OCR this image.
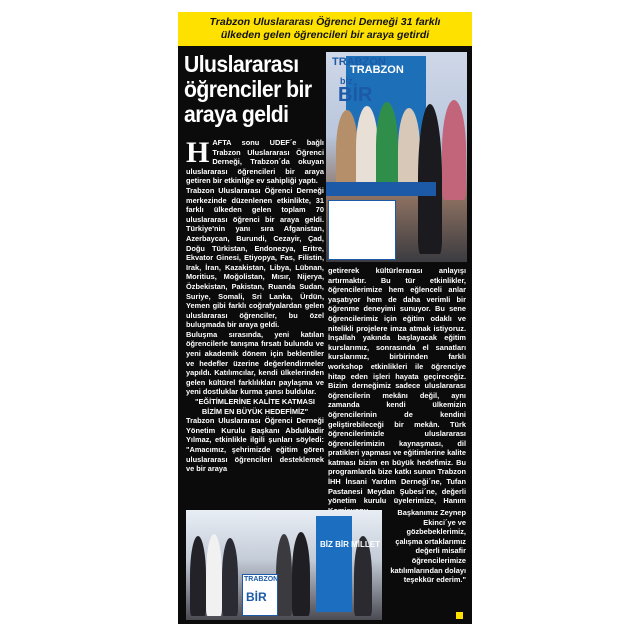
Trabzon Uluslararası Öğrenci Derneği 31 farklı
ülkeden gelen öğrencileri bir araya getirdi
Uluslararası
öğrenciler bir
araya geldi
TRABZON
TRABZON
biz
BİR
H AFTA sonu UDEF´e bağlı Trabzon Uluslararası Öğrenci Derneği, Trabzon´da okuyan uluslararası öğrencileri bir araya getiren bir etkinliğe ev sahipliği yaptı.

Trabzon Uluslararası Öğrenci Derneği merkezinde düzenlenen etkinlikte, 31 farklı ülkeden gelen toplam 70 uluslararası öğrenci bir araya geldi. Türkiye'nin yanı sıra Afganistan, Azerbaycan, Burundi, Cezayir, Çad, Doğu Türkistan, Endonezya, Eritre, Ekvator Ginesi, Etiyopya, Fas, Filistin, Irak, İran, Kazakistan, Libya, Lübnan, Moritius, Moğolistan, Mısır, Nijerya, Özbekistan, Pakistan, Ruanda Sudan, Suriye, Somali, Sri Lanka, Ürdün, Yemen gibi farklı coğrafyalardan gelen uluslararası öğrenciler, bu özel buluşmada bir araya geldi.

Buluşma sırasında, yeni katılan öğrencilerle tanışma fırsatı bulundu ve yeni akademik dönem için beklentiler ve hedefler üzerine değerlendirmeler yapıldı. Katılımcılar, kendi ülkelerinden gelen kültürel farklılıkları paylaşma ve yeni dostluklar kurma şansı buldular.

"EĞİTİMLERİNE KALİTE KATMASI BİZİM EN BÜYÜK HEDEFİMİZ"

Trabzon Uluslararası Öğrenci Derneği Yönetim Kurulu Başkanı Abdulkadir Yılmaz, etkinlikle ilgili şunları söyledi: "Amacımız, şehrimizde eğitim gören uluslararası öğrencileri desteklemek ve bir araya

getirerek kültürlerarası anlayışı artırmaktır. Bu tür etkinlikler, öğrencilerimize hem eğlenceli anlar yaşatıyor hem de daha verimli bir öğrenme deneyimi sunuyor. Bu sene öğrencilerimiz için eğitim odaklı ve nitelikli projelere imza atmak istiyoruz. İnşallah yakında başlayacak eğitim kurslarımız, sonrasında el sanatları kurslarımız, birbirinden farklı workshop etkinlikleri ile öğrenciye hitap eden işleri hayata geçireceğiz. Bizim derneğimiz sadece uluslararası öğrencilerin mekânı değil, aynı zamanda kendi ülkemizin öğrencilerinin de kendini geliştirebileceği bir mekân. Türk öğrencilerimizle uluslararası öğrencilerimizin kaynaşması, dil pratikleri yapması ve eğitimlerine kalite katması bizim en büyük hedefimiz. Bu programlarda bize katkı sunan Trabzon İHH İnsani Yardım Derneği´ne, Tufan Pastanesi Meydan Şubesi´ne, değerli yönetim kurulu üyelerimize, Hanım

BİZ BİR MİLLET
TRABZON
BİR

Başkanımız Zeynep Ekinci´ye ve gözbebeklerimiz, çalışma ortaklarımız değerli misafir öğrencilerimize katılımlarından dolayı teşekkür ederim."
